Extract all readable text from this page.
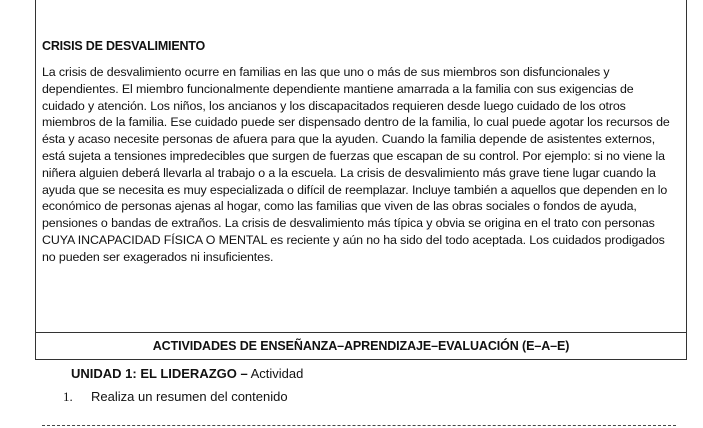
CRISIS DE DESVALIMIENTO

La crisis de desvalimiento ocurre en familias en las que uno o más de sus miembros son disfuncionales y dependientes. El miembro funcionalmente dependiente mantiene amarrada a la familia con sus exigencias de cuidado y atención. Los niños, los ancianos y los discapacitados requieren desde luego cuidado de los otros miembros de la familia. Ese cuidado puede ser dispensado dentro de la familia, lo cual puede agotar los recursos de ésta y acaso necesite personas de afuera para que la ayuden. Cuando la familia depende de asistentes externos, está sujeta a tensiones impredecibles que surgen de fuerzas que escapan de su control. Por ejemplo: si no viene la niñera alguien deberá llevarla al trabajo o a la escuela. La crisis de desvalimiento más grave tiene lugar cuando la ayuda que se necesita es muy especializada o difícil de reemplazar. Incluye también a aquellos que dependen en lo económico de personas ajenas al hogar, como las familias que viven de las obras sociales o fondos de ayuda, pensiones o bandas de extraños. La crisis de desvalimiento más típica y obvia se origina en el trato con personas CUYA INCAPACIDAD FÍSICA O MENTAL es reciente y aún no ha sido del todo aceptada. Los cuidados prodigados no pueden ser exagerados ni insuficientes.

ACTIVIDADES DE ENSEÑANZA–APRENDIZAJE–EVALUACIÓN (E–A–E)
UNIDAD 1: EL LIDERAZGO – Actividad
1.	Realiza un resumen del contenido
